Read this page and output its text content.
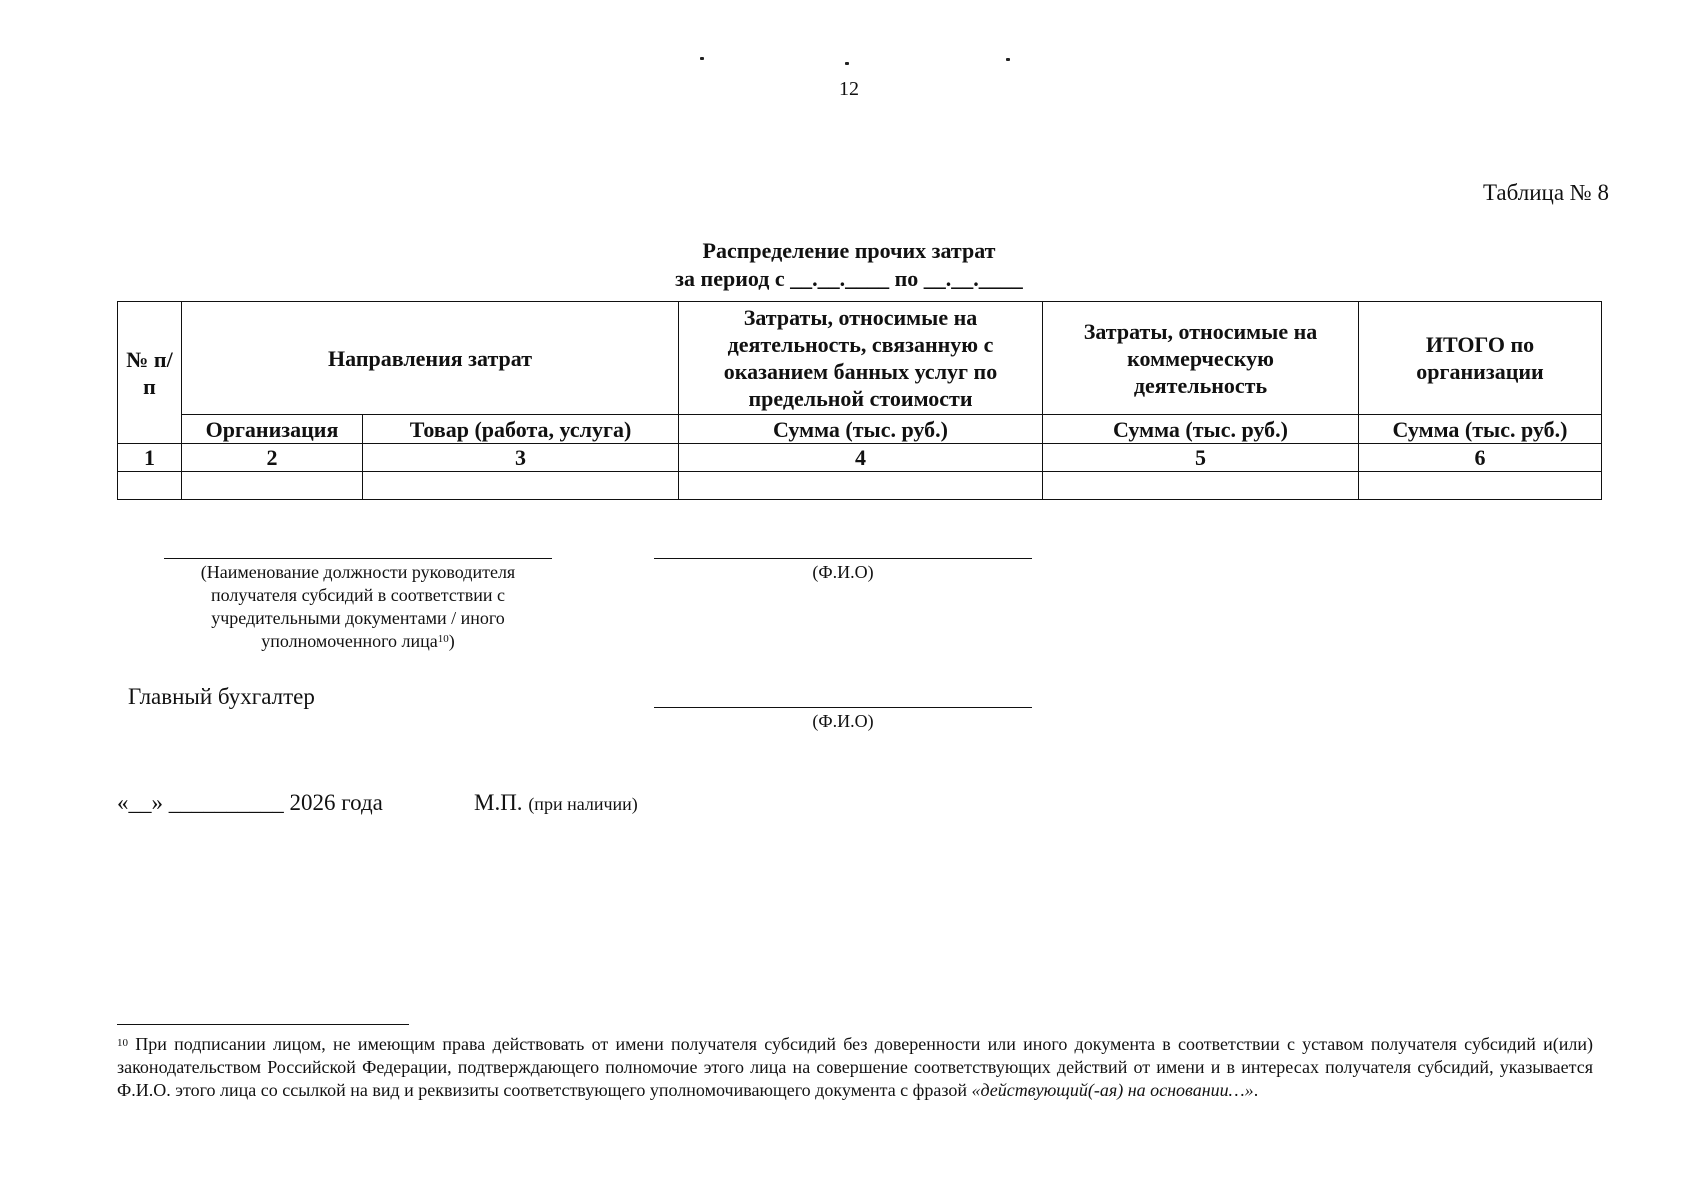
12
Таблица № 8
Распределение прочих затрат
за период с __.__.____ по __.__.____
№ п/п	Направления затрат		Затраты, относимые на деятельность, связанную с оказанием банных услуг по предельной стоимости	Затраты, относимые на коммерческую деятельность	ИТОГО по организации
	Организация	Товар (работа, услуга)	Сумма (тыс. руб.)	Сумма (тыс. руб.)	Сумма (тыс. руб.)
1	2	3	4	5	6

(Наименование должности руководителя получателя субсидий в соответствии с учредительными документами / иного уполномоченного лица$^{10}$)
(Ф.И.О)
Главный бухгалтер
(Ф.И.О)
«__» __________ 2026 года	М.П. (при наличии)
$^{10}$ При подписании лицом, не имеющим права действовать от имени получателя субсидий без доверенности или иного документа в соответствии с уставом получателя субсидий и(или) законодательством Российской Федерации, подтверждающего полномочие этого лица на совершение соответствующих действий от имени и в интересах получателя субсидий, указывается Ф.И.О. этого лица со ссылкой на вид и реквизиты соответствующего уполномочивающего документа с фразой «действующий(-ая) на основании…».
